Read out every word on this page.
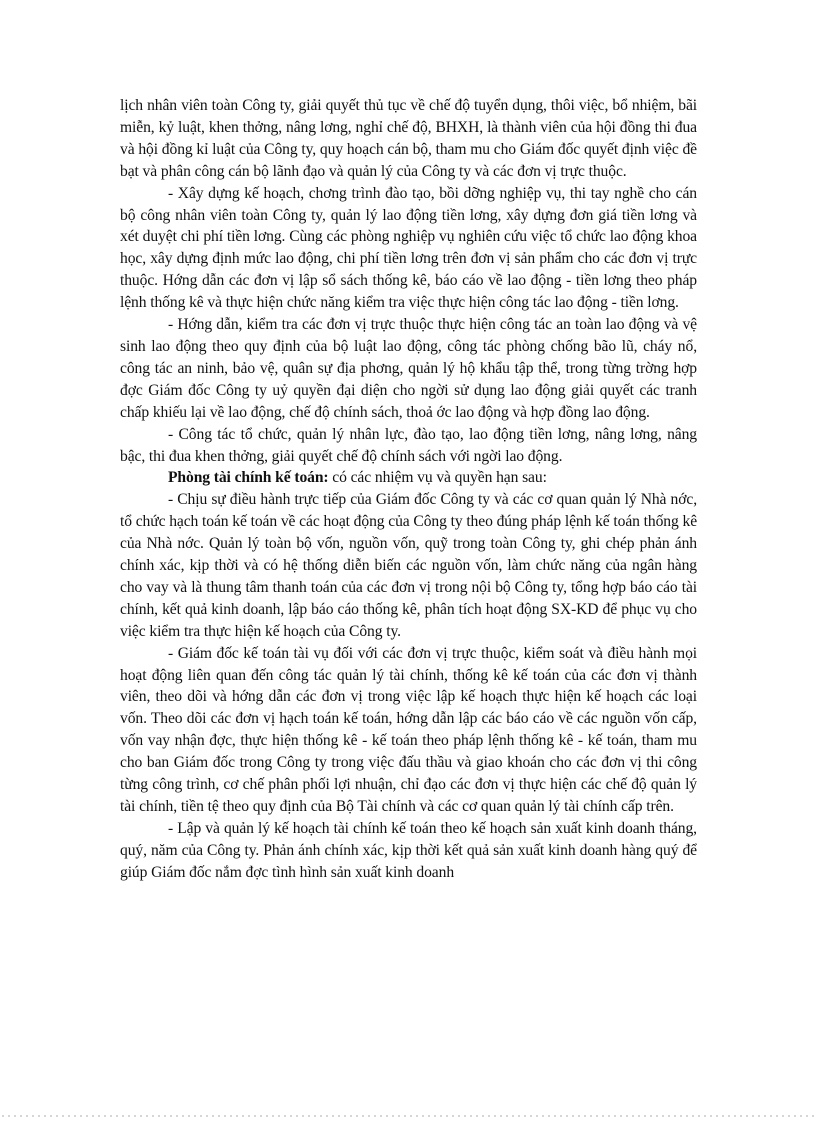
lịch nhân viên toàn Công ty, giải quyết thủ tục về chế độ tuyển dụng, thôi việc, bổ nhiệm, bãi miễn, kỷ luật, khen thởng, nâng lơng, nghỉ chế độ, BHXH, là thành viên của hội đồng thi đua và hội đồng kỉ luật của Công ty, quy hoạch cán bộ, tham mu cho Giám đốc quyết định việc đề bạt và phân công cán bộ lãnh đạo và quản lý của Công ty và các đơn vị trực thuộc.

- Xây dựng kế hoạch, chơng trình đào tạo, bồi dỡng nghiệp vụ, thi tay nghề cho cán bộ công nhân viên toàn Công ty, quản lý lao động tiền lơng, xây dựng đơn giá tiền lơng và xét duyệt chi phí tiền lơng. Cùng các phòng nghiệp vụ nghiên cứu việc tổ chức lao động khoa học, xây dựng định mức lao động, chi phí tiền lơng trên đơn vị sản phẩm cho các đơn vị trực thuộc. Hớng dẫn các đơn vị lập sổ sách thống kê, báo cáo về lao động - tiền lơng theo pháp lệnh thống kê và thực hiện chức năng kiểm tra việc thực hiện công tác lao động - tiền lơng.

- Hớng dẫn, kiểm tra các đơn vị trực thuộc thực hiện công tác an toàn lao động và vệ sinh lao động theo quy định của bộ luật lao động, công tác phòng chống bão lũ, cháy nổ, công tác an ninh, bảo vệ, quân sự địa phơng, quản lý hộ khẩu tập thể, trong từng trờng hợp đợc Giám đốc Công ty uỷ quyền đại diện cho ngời sử dụng lao động giải quyết các tranh chấp khiếu lại về lao động, chế độ chính sách, thoả ớc lao động và hợp đồng lao động.

- Công tác tổ chức, quản lý nhân lực, đào tạo, lao động tiền lơng, nâng lơng, nâng bậc, thi đua khen thởng, giải quyết chế độ chính sách với ngời lao động.

Phòng tài chính kế toán: có các nhiệm vụ và quyền hạn sau:

- Chịu sự điều hành trực tiếp của Giám đốc Công ty và các cơ quan quản lý Nhà nớc, tổ chức hạch toán kế toán về các hoạt động của Công ty theo đúng pháp lệnh kế toán thống kê của Nhà nớc. Quản lý toàn bộ vốn, nguồn vốn, quỹ trong toàn Công ty, ghi chép phản ánh chính xác, kịp thời và có hệ thống diễn biến các nguồn vốn, làm chức năng của ngân hàng cho vay và là thung tâm thanh toán của các đơn vị trong nội bộ Công ty, tổng hợp báo cáo tài chính, kết quả kinh doanh, lập báo cáo thống kê, phân tích hoạt động SX-KD để phục vụ cho việc kiểm tra thực hiện kế hoạch của Công ty.

- Giám đốc kế toán tài vụ đối với các đơn vị trực thuộc, kiểm soát và điều hành mọi hoạt động liên quan đến công tác quản lý tài chính, thống kê kế toán của các đơn vị thành viên, theo dõi và hớng dẫn các đơn vị trong việc lập kế hoạch thực hiện kế hoạch các loại vốn. Theo dõi các đơn vị hạch toán kế toán, hớng dẫn lập các báo cáo về các nguồn vốn cấp, vốn vay nhận đợc, thực hiện thống kê - kế toán theo pháp lệnh thống kê - kế toán, tham mu cho ban Giám đốc trong Công ty trong việc đấu thầu và giao khoán cho các đơn vị thi công từng công trình, cơ chế phân phối lợi nhuận, chỉ đạo các đơn vị thực hiện các chế độ quản lý tài chính, tiền tệ theo quy định của Bộ Tài chính và các cơ quan quản lý tài chính cấp trên.

- Lập và quản lý kế hoạch tài chính kế toán theo kế hoạch sản xuất kinh doanh tháng, quý, năm của Công ty. Phản ánh chính xác, kịp thời kết quả sản xuất kinh doanh hàng quý để giúp Giám đốc nắm đợc tình hình sản xuất kinh doanh
